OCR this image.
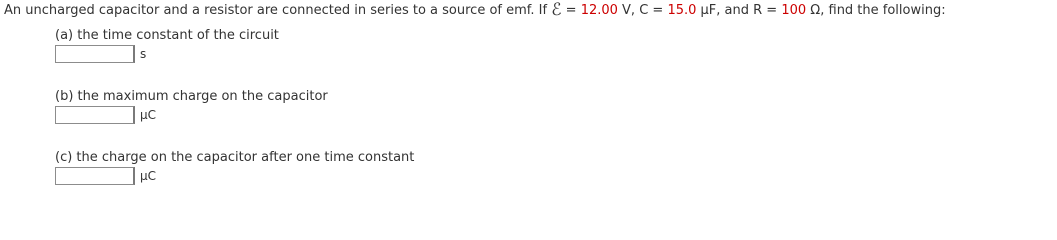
An uncharged capacitor and a resistor are connected in series to a source of emf. If ℰ = 12.00 V, C = 15.0 µF, and R = 100 Ω, find the following:
(a) the time constant of the circuit
s
(b) the maximum charge on the capacitor
µC
(c) the charge on the capacitor after one time constant
µC
